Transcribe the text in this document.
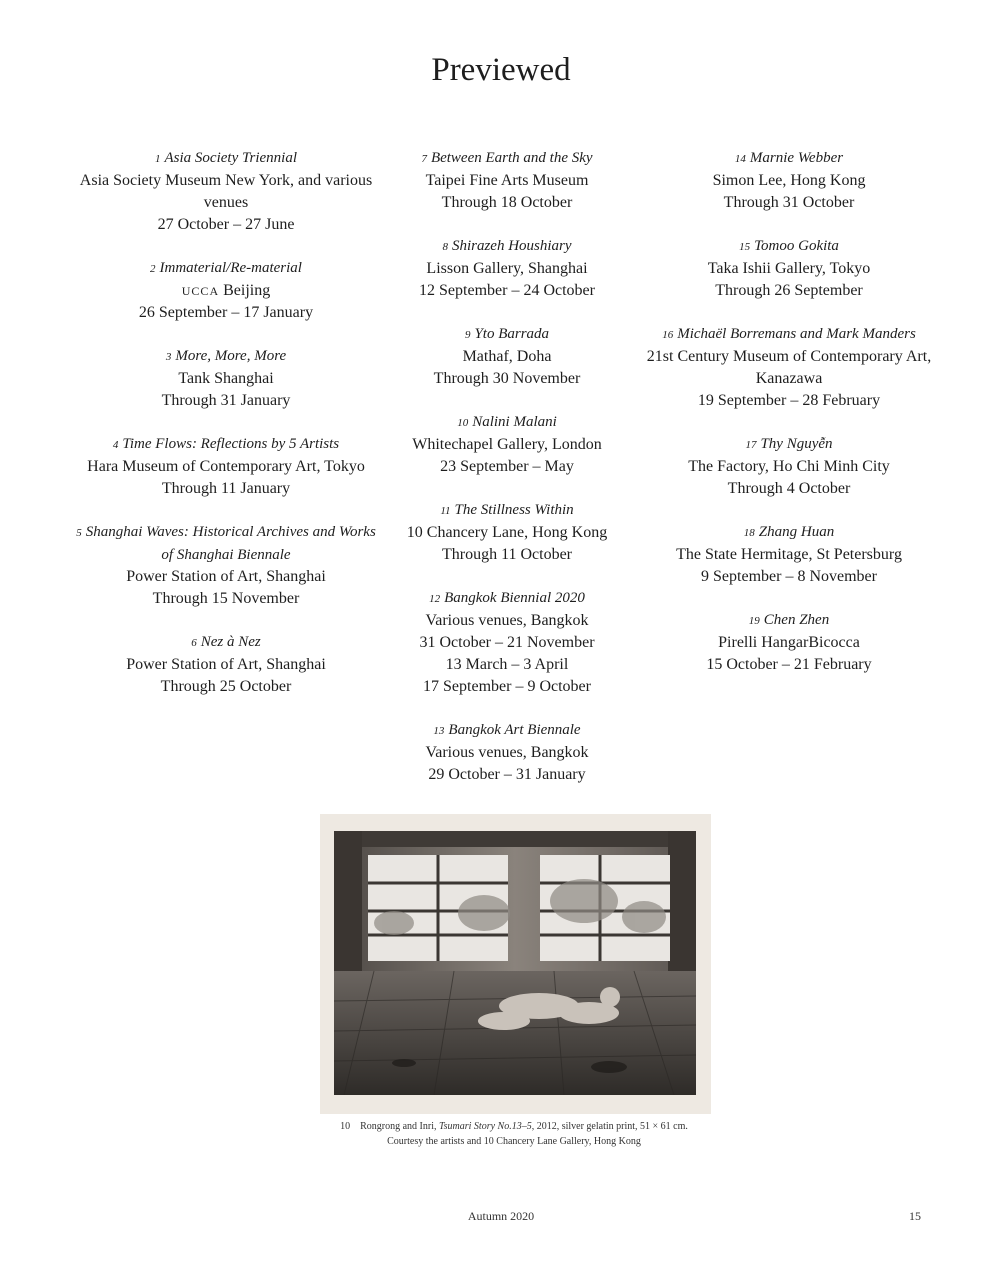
Previewed
1 Asia Society Triennial
Asia Society Museum New York, and various venues
27 October – 27 June
2 Immaterial/Re-material
UCCA Beijing
26 September – 17 January
3 More, More, More
Tank Shanghai
Through 31 January
4 Time Flows: Reflections by 5 Artists
Hara Museum of Contemporary Art, Tokyo
Through 11 January
5 Shanghai Waves: Historical Archives and Works of Shanghai Biennale
Power Station of Art, Shanghai
Through 15 November
6 Nez à Nez
Power Station of Art, Shanghai
Through 25 October
7 Between Earth and the Sky
Taipei Fine Arts Museum
Through 18 October
8 Shirazeh Houshiary
Lisson Gallery, Shanghai
12 September – 24 October
9 Yto Barrada
Mathaf, Doha
Through 30 November
10 Nalini Malani
Whitechapel Gallery, London
23 September – May
11 The Stillness Within
10 Chancery Lane, Hong Kong
Through 11 October
12 Bangkok Biennial 2020
Various venues, Bangkok
31 October – 21 November
13 March – 3 April
17 September – 9 October
13 Bangkok Art Biennale
Various venues, Bangkok
29 October – 31 January
14 Marnie Webber
Simon Lee, Hong Kong
Through 31 October
15 Tomoo Gokita
Taka Ishii Gallery, Tokyo
Through 26 September
16 Michaël Borremans and Mark Manders
21st Century Museum of Contemporary Art, Kanazawa
19 September – 28 February
17 Thy Nguyễn
The Factory, Ho Chi Minh City
Through 4 October
18 Zhang Huan
The State Hermitage, St Petersburg
9 September – 8 November
19 Chen Zhen
Pirelli HangarBicocca
15 October – 21 February
10 Rongrong and Inri, Tsumari Story No.13–5, 2012, silver gelatin print, 51 × 61 cm.
Courtesy the artists and 10 Chancery Lane Gallery, Hong Kong
Autumn 2020	15
